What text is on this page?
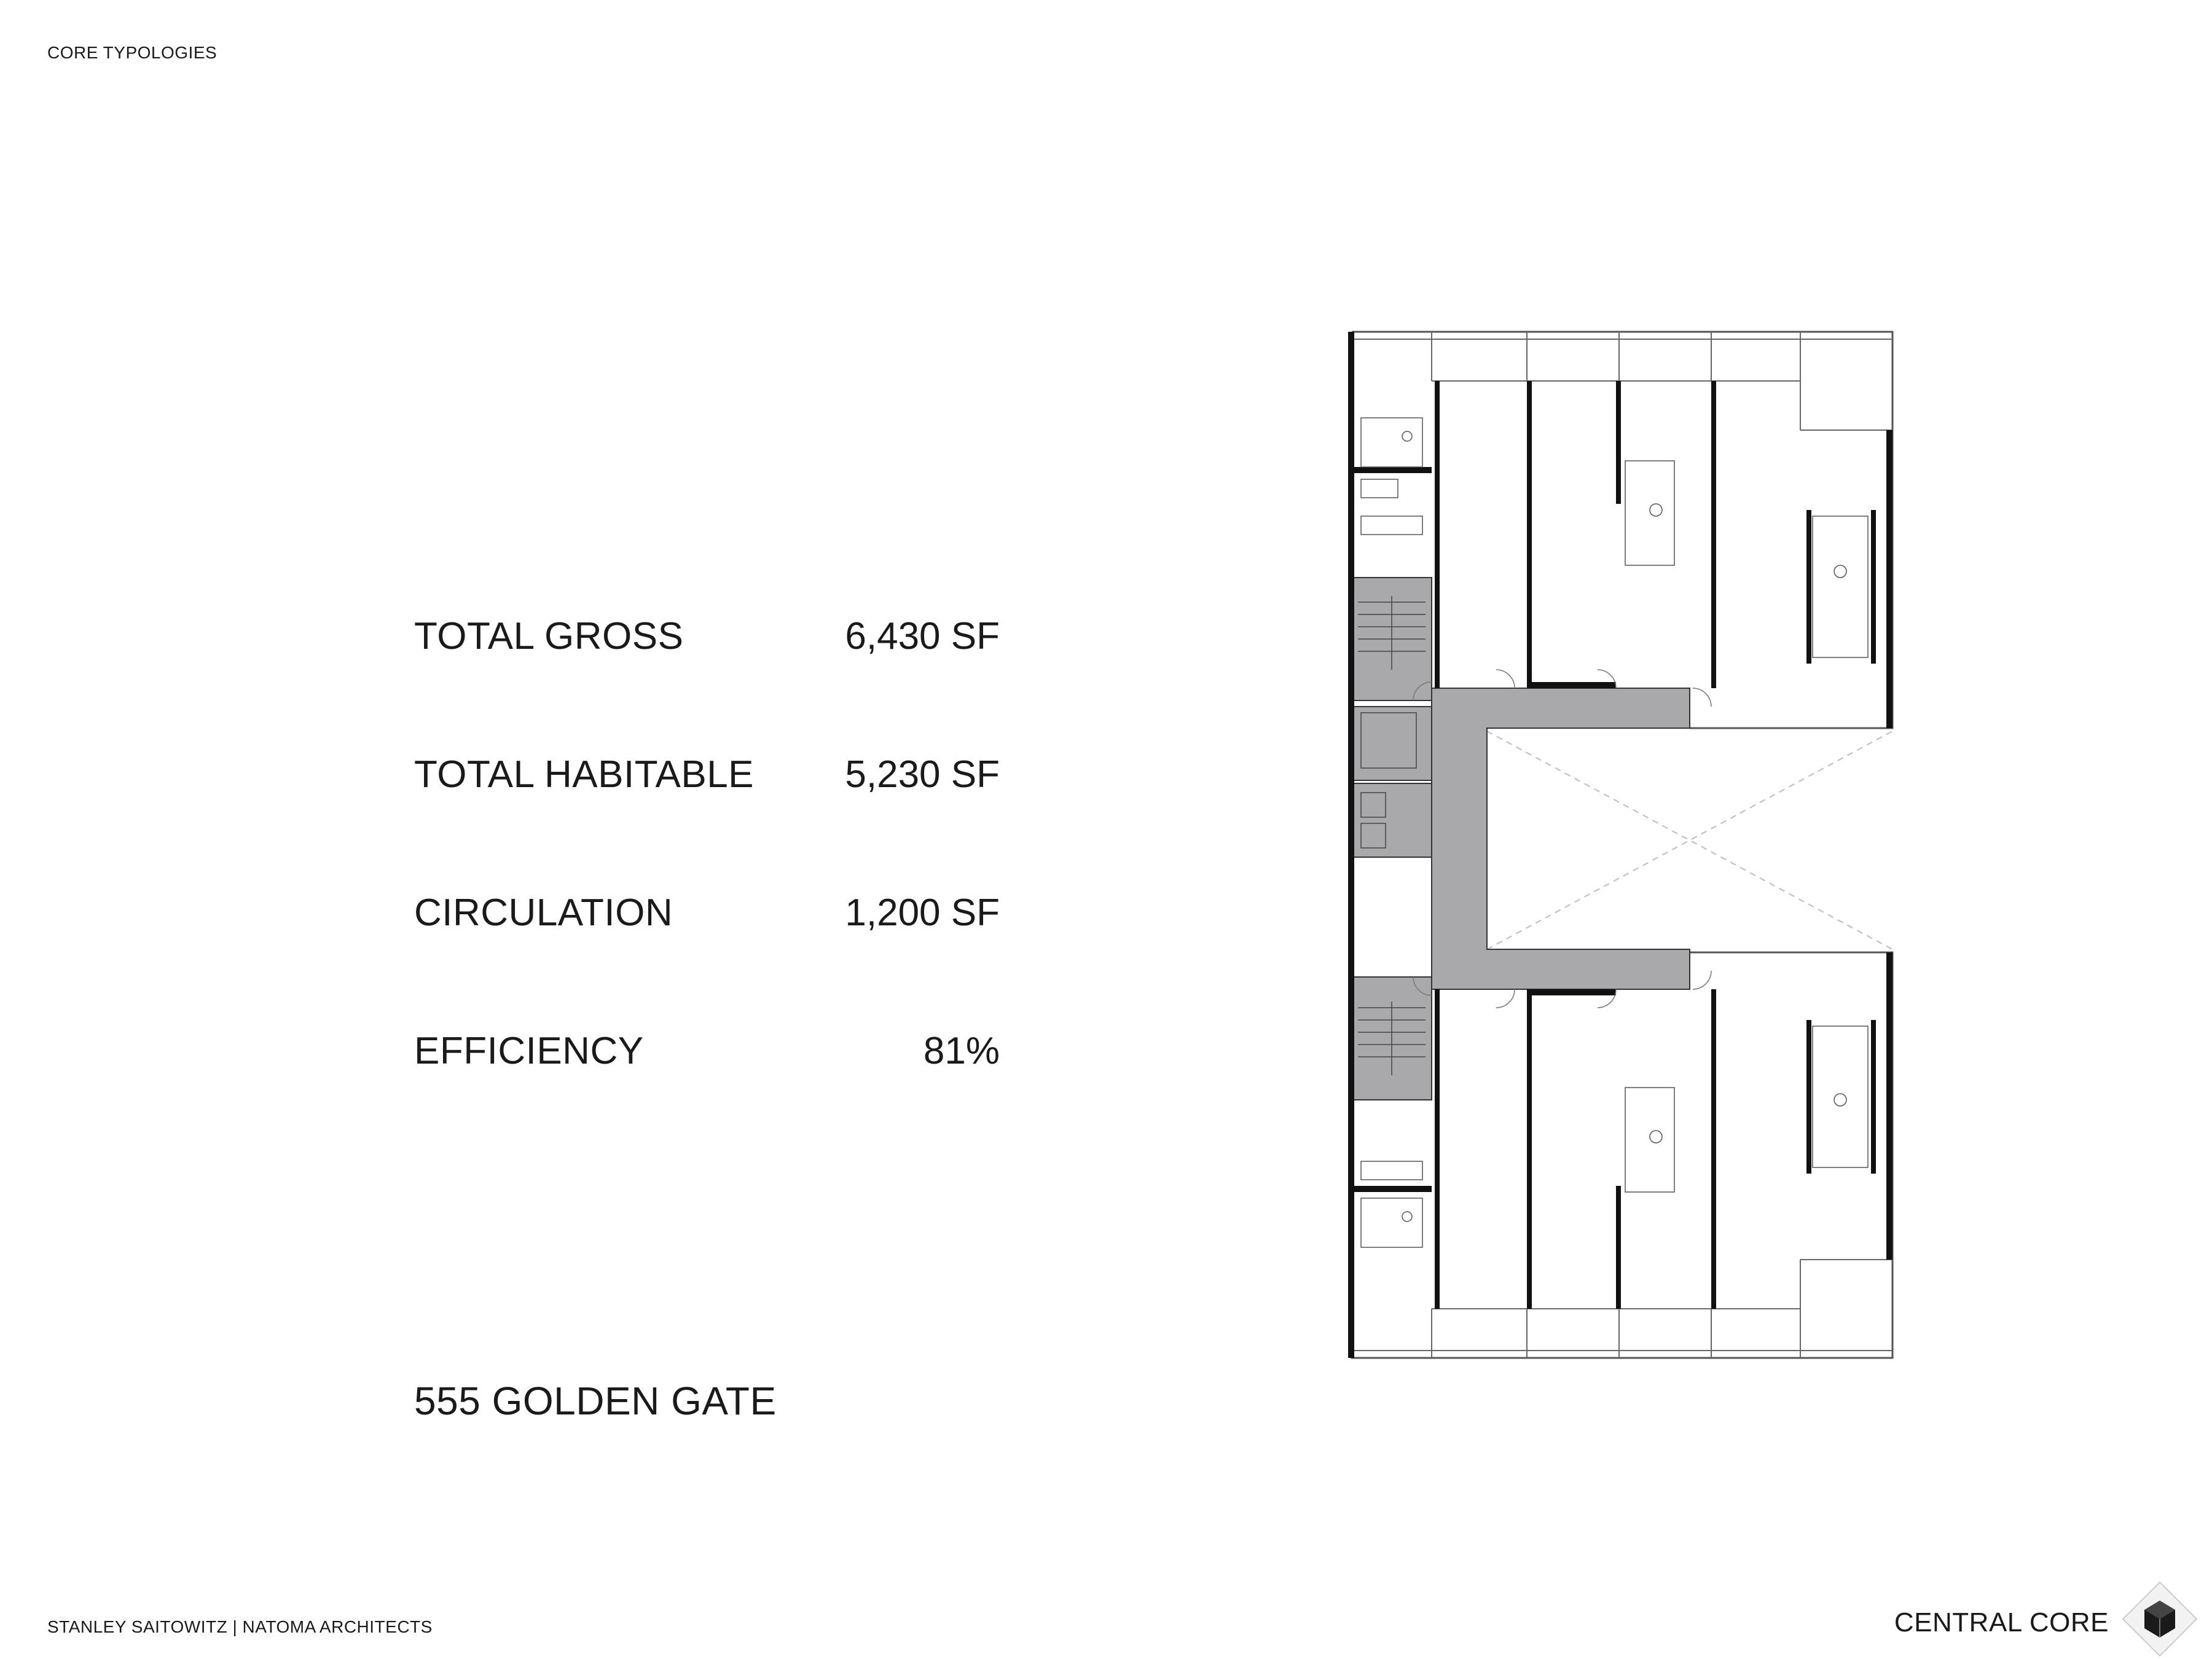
CORE TYPOLOGIES
TOTAL GROSS	6,430 SF
TOTAL HABITABLE 5,230 SF
CIRCULATION	1,200 SF
EFFICIENCY	81%
555 GOLDEN GATE
STANLEY SAITOWITZ | NATOMA ARCHITECTS	CENTRAL CORE
